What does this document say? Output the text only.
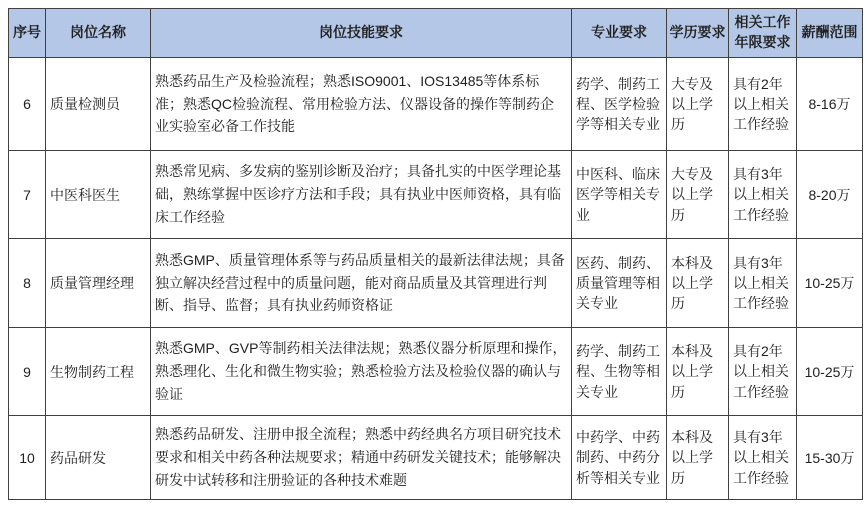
序号	岗位名称	岗位技能要求	专业要求	学历要求	相关工作年限要求	薪酬范围
6	质量检测员	熟悉药品生产及检验流程；熟悉ISO9001、IOS13485等体系标准；熟悉QC检验流程、常用检验方法、仪器设备的操作等制药企业实验室必备工作技能	药学、制药工程、医学检验学等相关专业	大专及以上学历	具有2年以上相关工作经验	8-16万
7	中医科医生	熟悉常见病、多发病的鉴别诊断及治疗；具备扎实的中医学理论基础，熟练掌握中医诊疗方法和手段；具有执业中医师资格，具有临床工作经验	中医科、临床医学等相关专业	大专及以上学历	具有3年以上相关工作经验	8-20万
8	质量管理经理	熟悉GMP、质量管理体系等与药品质量相关的最新法律法规；具备独立解决经营过程中的质量问题，能对商品质量及其管理进行判断、指导、监督；具有执业药师资格证	医药、制药、质量管理等相关专业	本科及以上学历	具有3年以上相关工作经验	10-25万
9	生物制药工程	熟悉GMP、GVP等制药相关法律法规；熟悉仪器分析原理和操作，熟悉理化、生化和微生物实验；熟悉检验方法及检验仪器的确认与验证	药学、制药工程、生物等相关专业	本科及以上学历	具有2年以上相关工作经验	10-25万
10	药品研发	熟悉药品研发、注册申报全流程；熟悉中药经典名方项目研究技术要求和相关中药各种法规要求；精通中药研发关键技术；能够解决研发中试转移和注册验证的各种技术难题	中药学、中药制药、中药分析等相关专业	本科及以上学历	具有3年以上相关工作经验	15-30万
